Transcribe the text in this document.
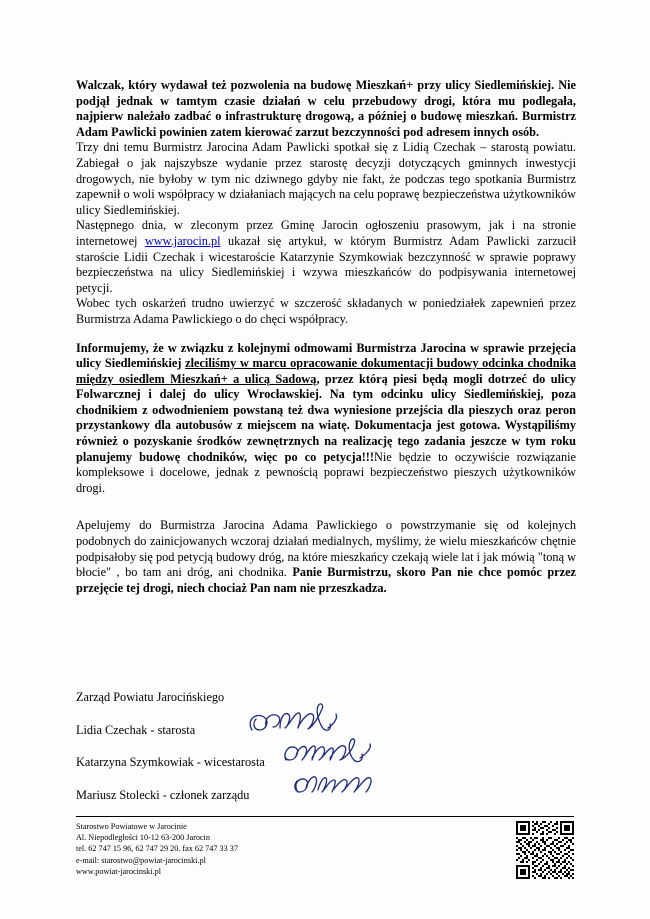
Walczak, który wydawał też pozwolenia na budowę Mieszkań+ przy ulicy Siedlemińskiej. Nie podjął jednak w tamtym czasie działań w celu przebudowy drogi, która mu podlegała, najpierw należało zadbać o infrastrukturę drogową, a później o budowę mieszkań. Burmistrz Adam Pawlicki powinien zatem kierować zarzut bezczynności pod adresem innych osób.

Trzy dni temu Burmistrz Jarocina Adam Pawlicki spotkał się z Lidią Czechak – starostą powiatu. Zabiegał o jak najszybsze wydanie przez starostę decyzji dotyczących gminnych inwestycji drogowych, nie byłoby w tym nic dziwnego gdyby nie fakt, że podczas tego spotkania Burmistrz zapewnił o woli współpracy w działaniach mających na celu poprawę bezpieczeństwa użytkowników ulicy Siedlemińskiej.

Następnego dnia, w zleconym przez Gminę Jarocin ogłoszeniu prasowym, jak i na stronie internetowej www.jarocin.pl ukazał się artykuł, w którym Burmistrz Adam Pawlicki zarzucił staroście Lidii Czechak i wicestaroście Katarzynie Szymkowiak bezczynność w sprawie poprawy bezpieczeństwa na ulicy Siedlemińskiej i wzywa mieszkańców do podpisywania internetowej petycji.

Wobec tych oskarżeń trudno uwierzyć w szczerość składanych w poniedziałek zapewnień przez Burmistrza Adama Pawlickiego o do chęci współpracy.

Informujemy, że w związku z kolejnymi odmowami Burmistrza Jarocina w sprawie przejęcia ulicy Siedlemińskiej zleciliśmy w marcu opracowanie dokumentacji budowy odcinka chodnika między osiedlem Mieszkań+ a ulicą Sadową, przez którą piesi będą mogli dotrzeć do ulicy Folwarcznej i dalej do ulicy Wrocławskiej. Na tym odcinku ulicy Siedlemińskiej, poza chodnikiem z odwodnieniem powstaną też dwa wyniesione przejścia dla pieszych oraz peron przystankowy dla autobusów z miejscem na wiatę. Dokumentacja jest gotowa. Wystąpiliśmy również o pozyskanie środków zewnętrznych na realizację tego zadania jeszcze w tym roku planujemy budowę chodników, więc po co petycja!!!Nie będzie to oczywiście rozwiązanie kompleksowe i docelowe, jednak z pewnością poprawi bezpieczeństwo pieszych użytkowników drogi.

Apelujemy do Burmistrza Jarocina Adama Pawlickiego o powstrzymanie się od kolejnych podobnych do zainicjowanych wczoraj działań medialnych, myślimy, że wielu mieszkańców chętnie podpisałoby się pod petycją budowy dróg, na które mieszkańcy czekają wiele lat i jak mówią "toną w błocie" , bo tam ani dróg, ani chodnika. Panie Burmistrzu, skoro Pan nie chce pomóc przez przejęcie tej drogi, niech chociaż Pan nam nie przeszkadza.

Zarząd Powiatu Jarocińskiego
Lidia Czechak - starosta
Katarzyna Szymkowiak - wicestarosta
Mariusz Stolecki - członek zarządu
Starostwo Powiatowe w Jarocinie
Al. Niepodległości 10-12 63-200 Jarocin
tel. 62 747 15 96, 62 747 29 20. fax 62 747 33 37
e-mail: starostwo@powiat-jarocinski.pl
www.powiat-jarocinski.pl
